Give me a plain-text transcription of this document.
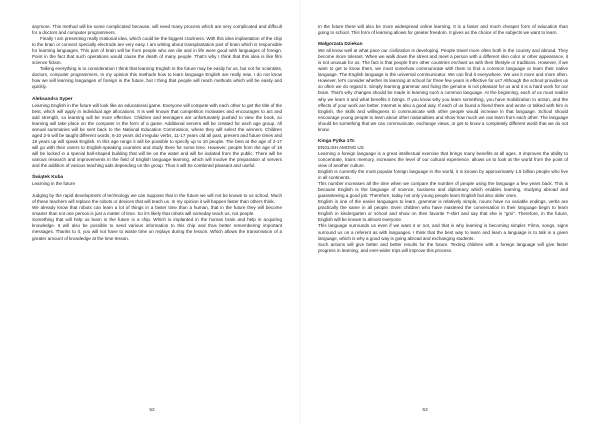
anymore. This method will be some complicated because, will need many process which are very complicated and difficult for a doctors and computer programmers.

Finally I am presenting really irrational idea, which could be the biggest craziness. With this idea implantation of the chip to the brain or connect specially electrode are very easy. I am writing about transplantation part of brain which is responsible for learning languages. This part of brain will be from people who are die and in life were good with languages of foreign. Point in the fact that such operations would cause the death of many people. That's why I think that this idea is like film science fiction.

Talking everything in to consideration I think that learning English in the future may be easily for us, but not for scientists, doctors, computer programmers. In my opinion this methods how to learn language English are really new. I do not know how we will learning languages of foreign in the future, but I thing that people will reach methods which will be easily and quickly.

Aleksandra Syper

Learning English in the future will look like an educational game. Everyone will compete with each other to get the title of the best, which will apply in individual age allocations. It is well known that competition motivates and encourages to act and add strength, so learning will be more effective. Children and teenagers are unfortunately pushed to view the book, so learning will take place on the computer in the form of a game. Additional servers will be created for each age group. All annual summaries will be sent back to the National Education Commission, where they will select the winners. Children aged 2-5 will be taught different words, 6-10 years old irregular verbs, 11-17 years old all past, present and future times and 18 years up will speak English. In this age range it will be possible to specify up to 10 people. The best at the age of 2-17 will go with their carers to English-speaking countries and study there for some time. However, people from the age of 18 will be locked in a special ball-shaped building that will be on the water and will be isolated from the public. There will be various research and improvements in the field of English language learning, which will involve the preparation of servers and the addition of various teaching aids depending on the group. Thus it will be combined pleasant and useful.

Świątek Kuba
Learning in the future

Judging by the rapid development of technology we can suppose that in the future we will not be known to us school. Much of these teachers will replace the robots or devices that will teach us. In my opinion it will happen faster than others think.

We already know that robots can learn a lot of things in a faster time than a human, that in the future they will become smarter than not one person is just a matter of time. So it's likely that robots will someday teach us, not people.

Something that will help us learn in the future is a chip. Which is implanted in the human brain and help in acquiring knowledge. It will also be possible to send various information to this chip and thus better remembering important messages. Thanks to it, you will not have to waste time on replays during the lesson. Which allows the transmission of a greater amount of knowledge at the time lesson.

52

In the future there will also be more widespread online learning. It is a faster and much cheaper form of education than going to school. This form of learning allows for greater freedom. It gives us the choice of the subjects we want to learn.

Małgorzata Dziekan

We all know well at what pace our civilization is developing. People travel more often both in the country and abroad. They become more tolerant. When we walk down the street and meet a person with a different skin color or other appearance, it is not unusual for us. The fact is that people from other countries enchant us with their lifestyle or traditions. However, if we want to get to know them, we must somehow communicate with them to find a common language or learn their native language. The English language is the universal communicator. We can find it everywhere. We use it more and more often. However, let's consider whether its learning at school for three few years is effective for us? Although the school provides us so often we do regard it. Simply learning grammar and fixing the genuine is not pleasant for us and it is a hard work for our brain. That's why changes should be made in learning such a common language. At the beginning, each of us must realize why we learn it and what benefits it brings. If you know why you learn something, you have mobilization to action, and the effects of your work are better. Internet is also a good way. If each of us found a friend there and wrote or talked with him in English, the skills and willingness to communicate with other people would increase in that language. School should encourage young people to learn about other nationalities and show how much we can learn from each other. The language should be something that we can communicate, exchange views, or get to know a completely different world that we do not know.

Kinga Pytka 1Tc
ENGLISH AMONG US

Learning a foreign language is a great intellectual exercise that brings many benefits at all ages. It improves the ability to concentrate, trains memory, increases the level of our cultural experience, allows us to look at the world from the point of view of another culture.

English is currently the most popular foreign language in the world, it is known by approximately 1.5 billion people who live in all continents.

This number increases all the time when we compare the number of people using the language a few years back. This is because English is the language of science, business and diplomacy which enables learning, studying abroad and guaranteeing a good job. Therefore, today not only young people learn English but also older ones.

English is one of the easier languages to learn, grammar is relatively simple, nouns have no variable endings, verbs are practically the same in all people. Even children who have mastered the conversation in their language begin to learn English in kindergarten or school and show on their favorite T-shirt and say that she is "gmi". Therefore, in the future, English will be known to almost everyone.

This language surrounds us even if we want it or not, and that is why learning is becoming simpler. Films, songs, signs surround us on a referent as with languages. I think that the best way to learn and learn a language is to talk in a given language, which is why a good way is going abroad and exchanging students.

Such actions will give better and better results for the future. Texting children with a foreign language will give faster progress in learning, and ever-wider trips will improve this process.

53
